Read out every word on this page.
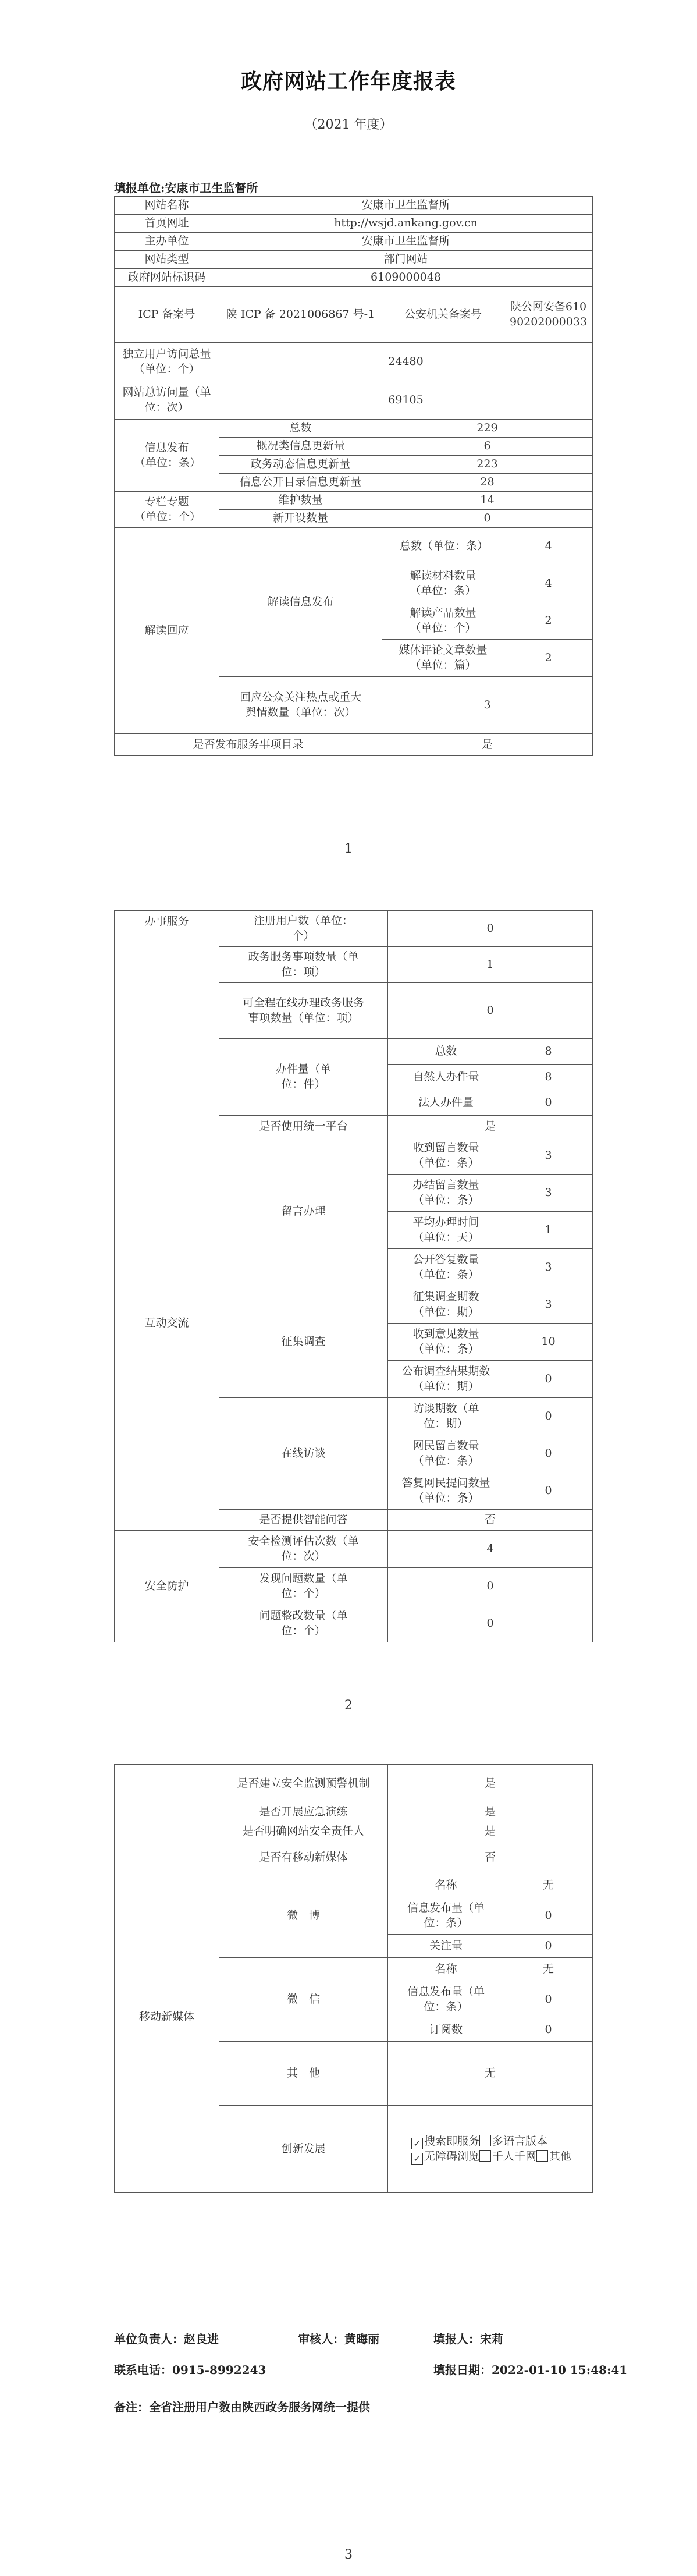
政府网站工作年度报表
（2021 年度）
填报单位:安康市卫生监督所
网站名称	安康市卫生监督所		
首页网址	http://wsjd.ankang.gov.cn		
主办单位	安康市卫生监督所		
网站类型	部门网站		
政府网站标识码	6109000048		
ICP 备案号	陕 ICP 备 2021006867 号-1	公安机关备案号	陕公网安备61090202000033
独立用户访问总量（单位：个）	24480		
网站总访问量（单位：次）	69105		
信息发布（单位：条）	总数	229	
	概况类信息更新量	6	
	政务动态信息更新量	223	
	信息公开目录信息更新量	28	
专栏专题（单位：个）	维护数量	14	
	新开设数量	0	
解读回应	解读信息发布	总数（单位：条）	4
		解读材料数量（单位：条）	4
		解读产品数量（单位：个）	2
		媒体评论文章数量（单位：篇）	2
	回应公众关注热点或重大舆情数量（单位：次）	3	
是否发布服务事项目录		是	
1
办事服务	注册用户数（单位：个）	0	
	政务服务事项数量（单位：项）	1	
	可全程在线办理政务服务事项数量（单位：项）	0	
	办件量（单位：件）	总数	8
		自然人办件量	8
		法人办件量	0

互动交流	是否使用统一平台	是	
	留言办理	收到留言数量（单位：条）	3
		办结留言数量（单位：条）	3
		平均办理时间（单位：天）	1
		公开答复数量（单位：条）	3
	征集调查	征集调查期数（单位：期）	3
		收到意见数量（单位：条）	10
		公布调查结果期数（单位：期）	0
	在线访谈	访谈期数（单位：期）	0
		网民留言数量（单位：条）	0
		答复网民提问数量（单位：条）	0
	是否提供智能问答	否	
安全防护	安全检测评估次数（单位：次）	4	
	发现问题数量（单位：个）	0	
	问题整改数量（单位：个）	0	
2
	是否建立安全监测预警机制	是	
	是否开展应急演练	是	
	是否明确网站安全责任人	是	
移动新媒体	是否有移动新媒体	否	
	微　博	名称	无
		信息发布量（单位：条）	0
		关注量	0
	微　信	名称	无
		信息发布量（单位：条）	0
		订阅数	0
	其　他	无	
	创新发展	✓ 搜索即服务 多语言版本✓ 无障碍浏览 千人千网 其他	
单位负责人：赵良进	审核人：黄晦丽	填报人：宋莉
联系电话：0915-8992243	填报日期：2022-01-10 15:48:41
备注：全省注册用户数由陕西政务服务网统一提供
3
